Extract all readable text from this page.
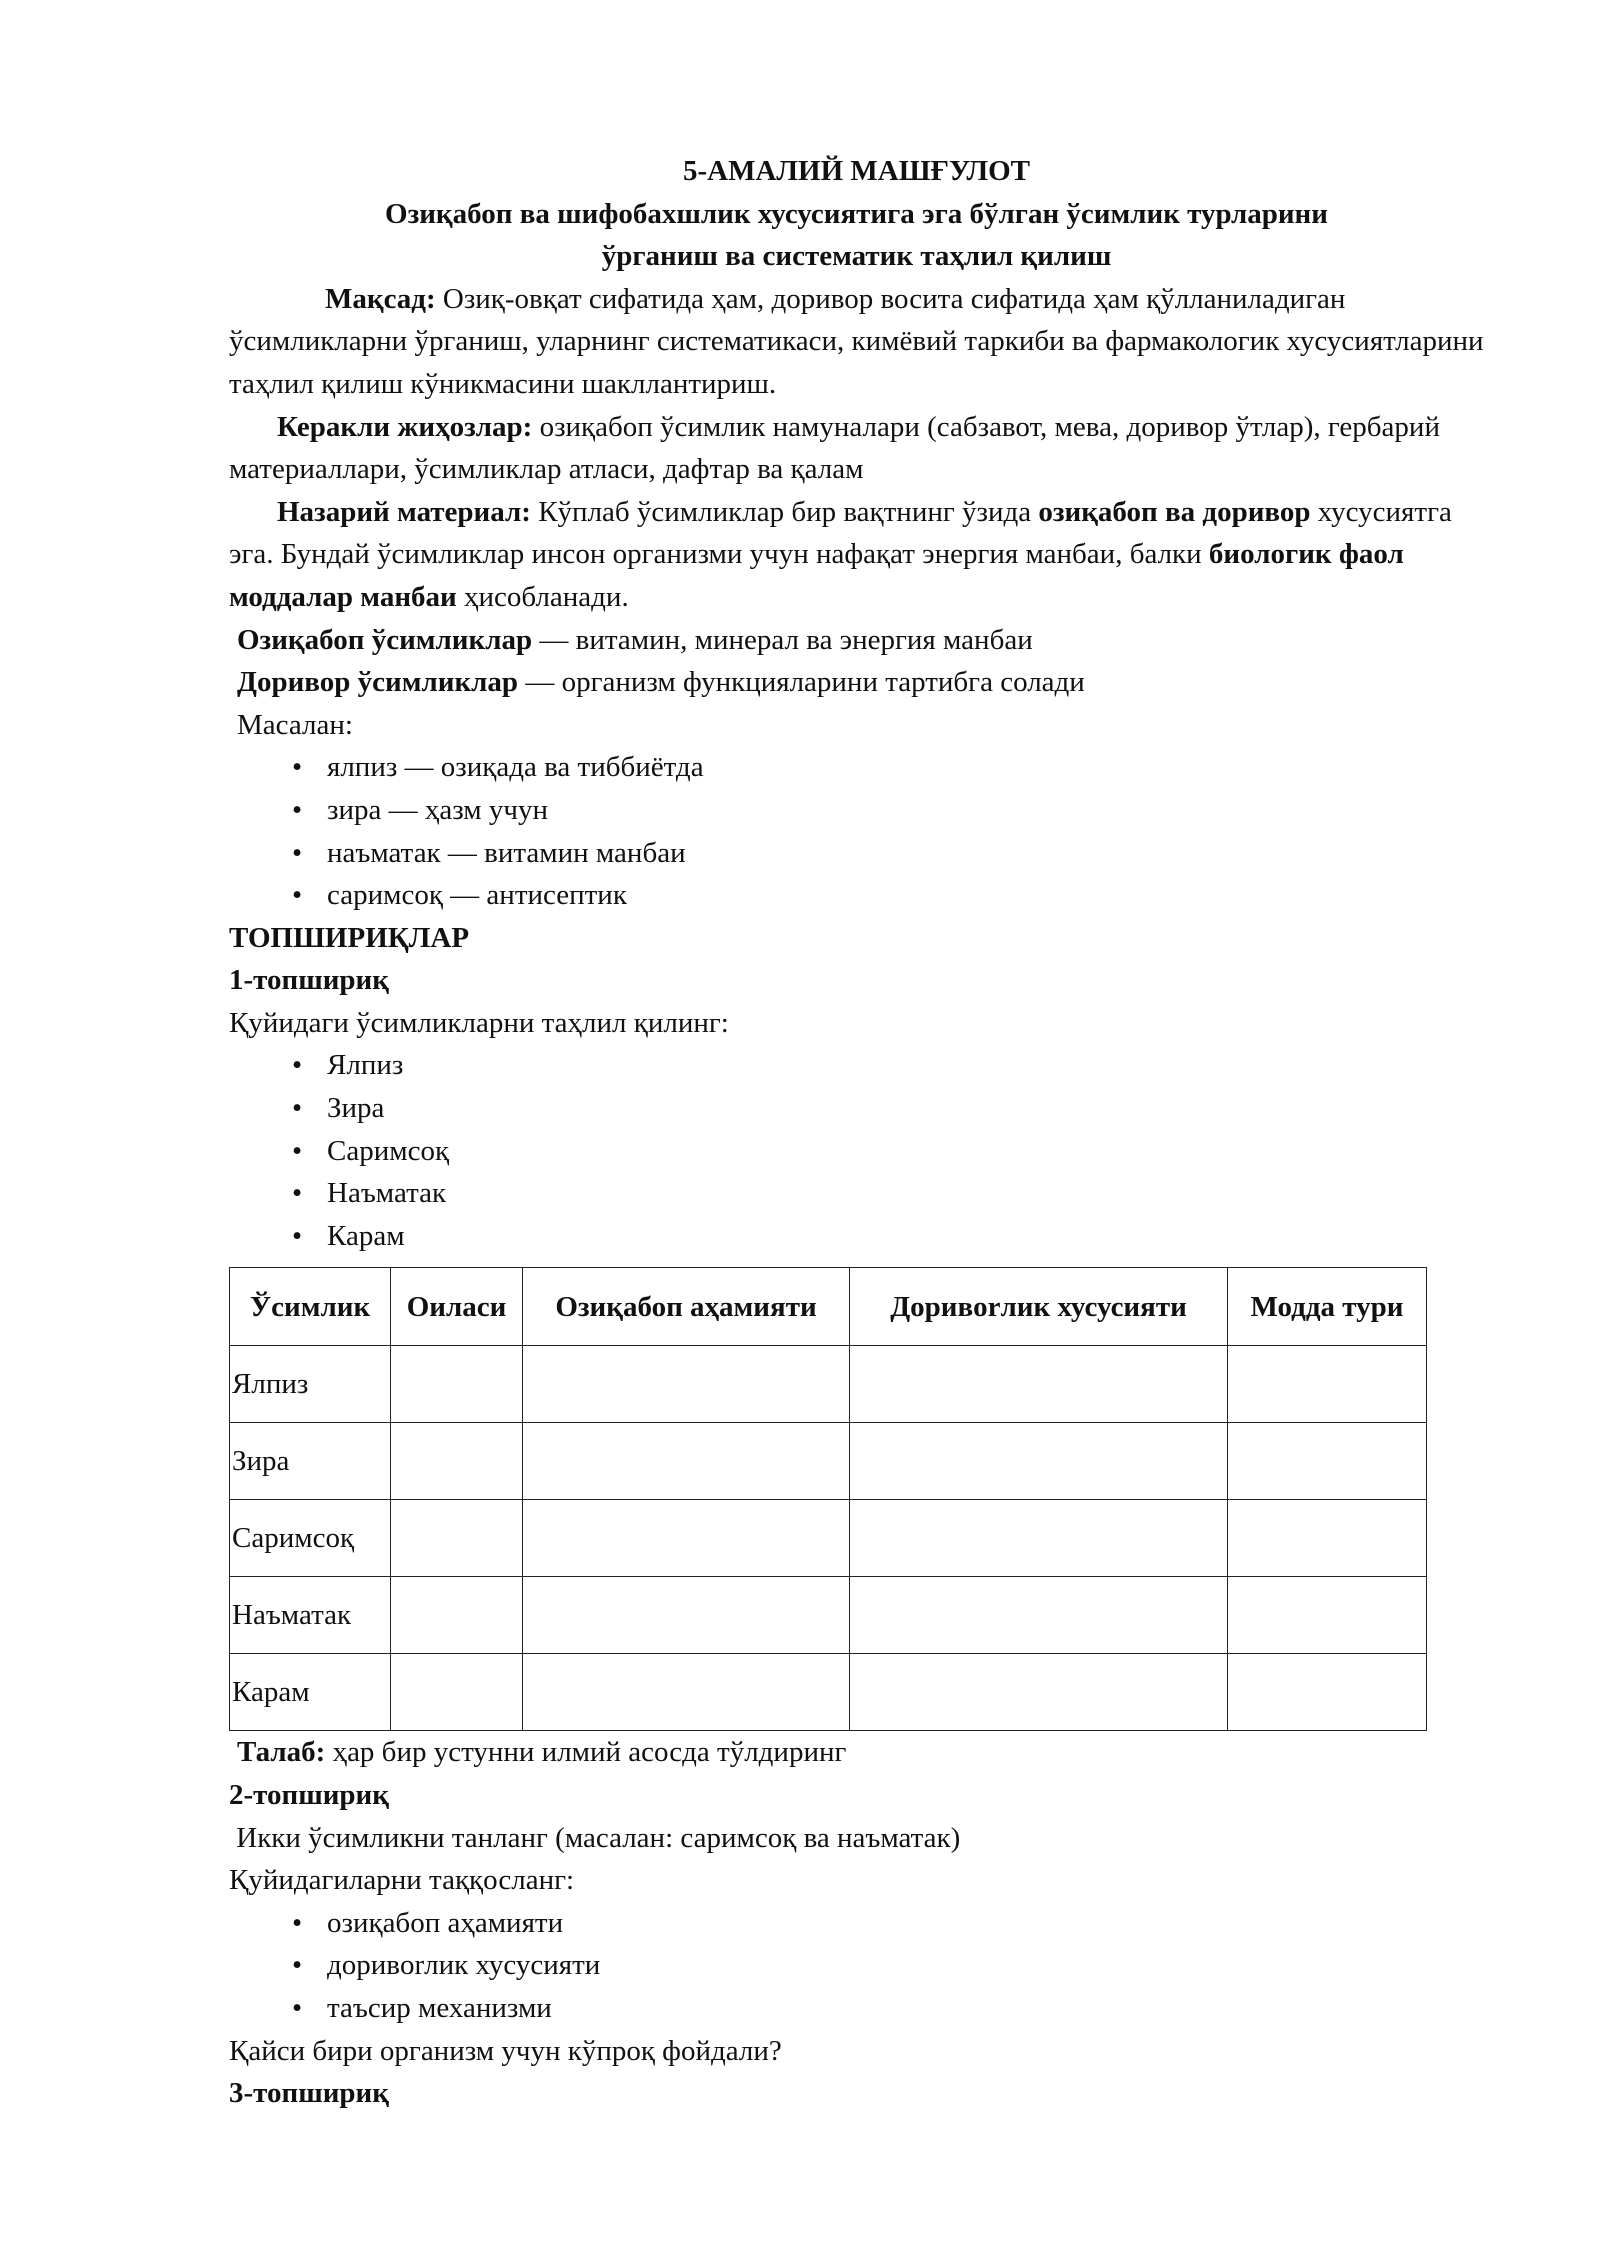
5-АМАЛИЙ МАШҒУЛОТ

Озиқабоп ва шифобахшлик хусусиятига эга бўлган ўсимлик турларини

ўрганиш ва систематик таҳлил қилиш

Мақсад: Озиқ-овқат сифатида ҳам, доривор восита сифатида ҳам қўлланиладиган ўсимликларни ўрганиш, уларнинг систематикаси, кимёвий таркиби ва фармакологик хусусиятларини таҳлил қилиш кўникмасини шакллантириш.

Керакли жиҳозлар: озиқабоп ўсимлик намуналари (сабзавот, мева, доривор ўтлар), гербарий материаллари, ўсимликлар атласи, дафтар ва қалам

Назарий материал: Кўплаб ўсимликлар бир вақтнинг ўзида озиқабоп ва доривор хусусиятга эга. Бундай ўсимликлар инсон организми учун нафақат энергия манбаи, балки биологик фаол моддалар манбаи ҳисобланади.

Озиқабоп ўсимликлар — витамин, минерал ва энергия манбаи

Доривор ўсимликлар — организм функцияларини тартибга солади

Масалан:

• ялпиз — озиқада ва тиббиётда
• зира — ҳазм учун
• наъматак — витамин манбаи
• саримсоқ — антисептик

ТОПШИРИҚЛАР

1-топшириқ

Қуйидаги ўсимликларни таҳлил қилинг:

• Ялпиз
• Зира
• Саримсоқ
• Наъматак
• Карам
Ўсимлик	Оиласи	Озиқабоп аҳамияти	Доривorлик хусусияти	Модда тури
Ялпиз				
Зира				
Саримсоқ				
Наъматак				
Карам				

Талаб: ҳар бир устунни илмий асосда тўлдиринг

2-топшириқ

Икки ўсимликни танланг (масалан: саримсоқ ва наъматак)

Қуйидагиларни таққосланг:

• озиқабоп аҳамияти
• доривorлик хусусияти
• таъсир механизми

Қайси бири организм учун кўпроқ фойдали?

3-топшириқ
